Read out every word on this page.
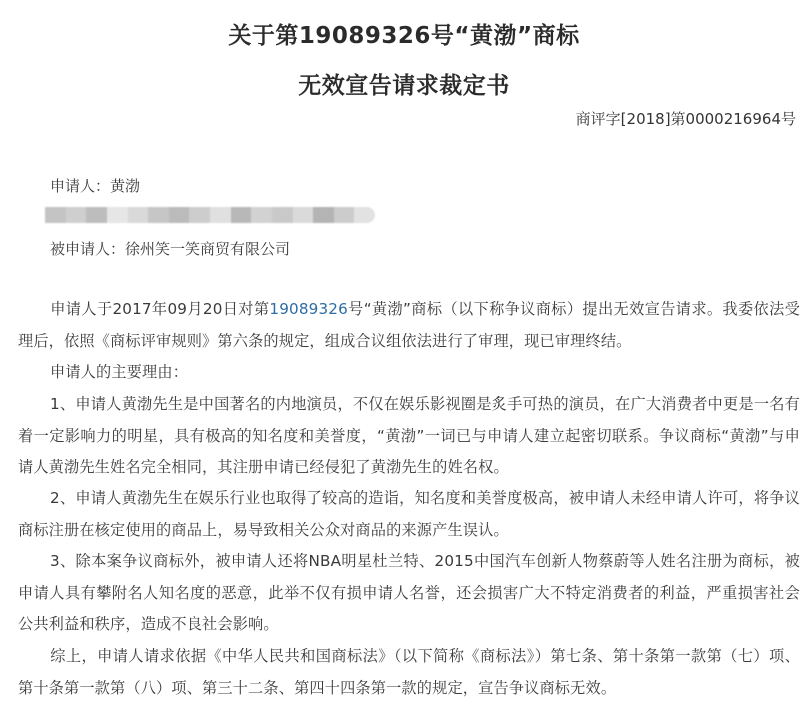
关于第19089326号“黄渤”商标
无效宣告请求裁定书
商评字[2018]第0000216964号
申请人：黄渤
被申请人：徐州笑一笑商贸有限公司
申请人于2017年09月20日对第19089326号“黄渤”商标（以下称争议商标）提出无效宣告请求。我委依法受理后，依照《商标评审规则》第六条的规定，组成合议组依法进行了审理，现已审理终结。
申请人的主要理由：
1、申请人黄渤先生是中国著名的内地演员，不仅在娱乐影视圈是炙手可热的演员，在广大消费者中更是一名有着一定影响力的明星，具有极高的知名度和美誉度，“黄渤”一词已与申请人建立起密切联系。争议商标“黄渤”与申请人黄渤先生姓名完全相同，其注册申请已经侵犯了黄渤先生的姓名权。
2、申请人黄渤先生在娱乐行业也取得了较高的造诣，知名度和美誉度极高，被申请人未经申请人许可，将争议商标注册在核定使用的商品上，易导致相关公众对商品的来源产生误认。
3、除本案争议商标外，被申请人还将NBA明星杜兰特、2015中国汽车创新人物蔡蔚等人姓名注册为商标，被申请人具有攀附名人知名度的恶意，此举不仅有损申请人名誉，还会损害广大不特定消费者的利益，严重损害社会公共利益和秩序，造成不良社会影响。
综上，申请人请求依据《中华人民共和国商标法》（以下简称《商标法》）第七条、第十条第一款第（七）项、第十条第一款第（八）项、第三十二条、第四十四条第一款的规定，宣告争议商标无效。
